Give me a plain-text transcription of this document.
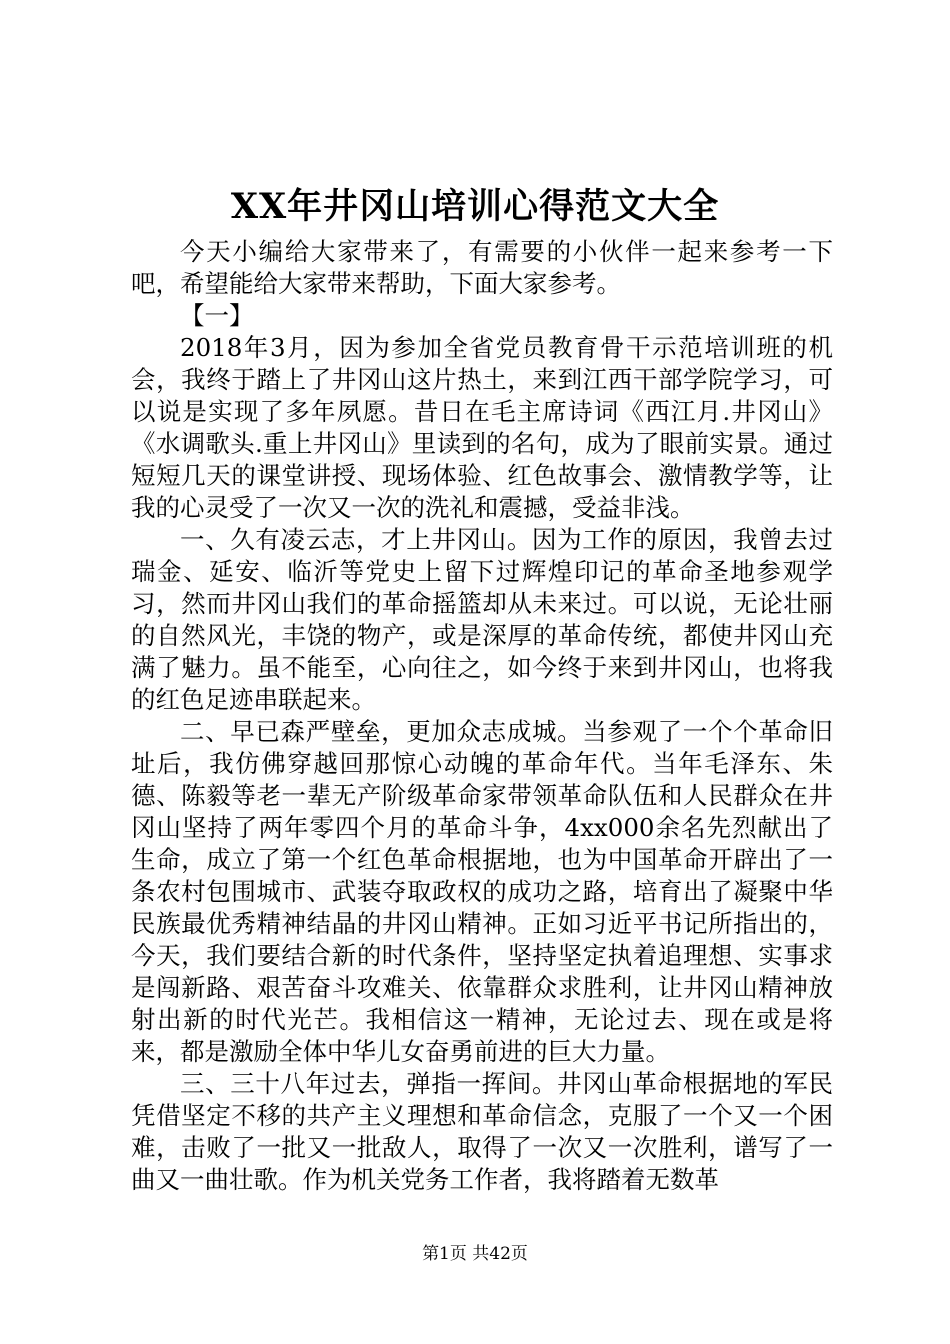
XX年井冈山培训心得范文大全

今天小编给大家带来了，有需要的小伙伴一起来参考一下吧，希望能给大家带来帮助，下面大家参考。

【一】

2018年3月，因为参加全省党员教育骨干示范培训班的机会，我终于踏上了井冈山这片热土，来到江西干部学院学习，可以说是实现了多年夙愿。昔日在毛主席诗词《西江月.井冈山》《水调歌头.重上井冈山》里读到的名句，成为了眼前实景。通过短短几天的课堂讲授、现场体验、红色故事会、激情教学等，让我的心灵受了一次又一次的洗礼和震撼，受益非浅。

一、久有凌云志，才上井冈山。因为工作的原因，我曾去过瑞金、延安、临沂等党史上留下过辉煌印记的革命圣地参观学习，然而井冈山我们的革命摇篮却从未来过。可以说，无论壮丽的自然风光，丰饶的物产，或是深厚的革命传统，都使井冈山充满了魅力。虽不能至，心向往之，如今终于来到井冈山，也将我的红色足迹串联起来。

二、早已森严壁垒，更加众志成城。当参观了一个个革命旧址后，我仿佛穿越回那惊心动魄的革命年代。当年毛泽东、朱德、陈毅等老一辈无产阶级革命家带领革命队伍和人民群众在井冈山坚持了两年零四个月的革命斗争，4xx000余名先烈献出了生命，成立了第一个红色革命根据地，也为中国革命开辟出了一条农村包围城市、武装夺取政权的成功之路，培育出了凝聚中华民族最优秀精神结晶的井冈山精神。正如习近平书记所指出的，今天，我们要结合新的时代条件，坚持坚定执着追理想、实事求是闯新路、艰苦奋斗攻难关、依靠群众求胜利，让井冈山精神放射出新的时代光芒。我相信这一精神，无论过去、现在或是将来，都是激励全体中华儿女奋勇前进的巨大力量。

三、三十八年过去，弹指一挥间。井冈山革命根据地的军民凭借坚定不移的共产主义理想和革命信念，克服了一个又一个困难，击败了一批又一批敌人，取得了一次又一次胜利，谱写了一曲又一曲壮歌。作为机关党务工作者，我将踏着无数革

第1页 共42页
